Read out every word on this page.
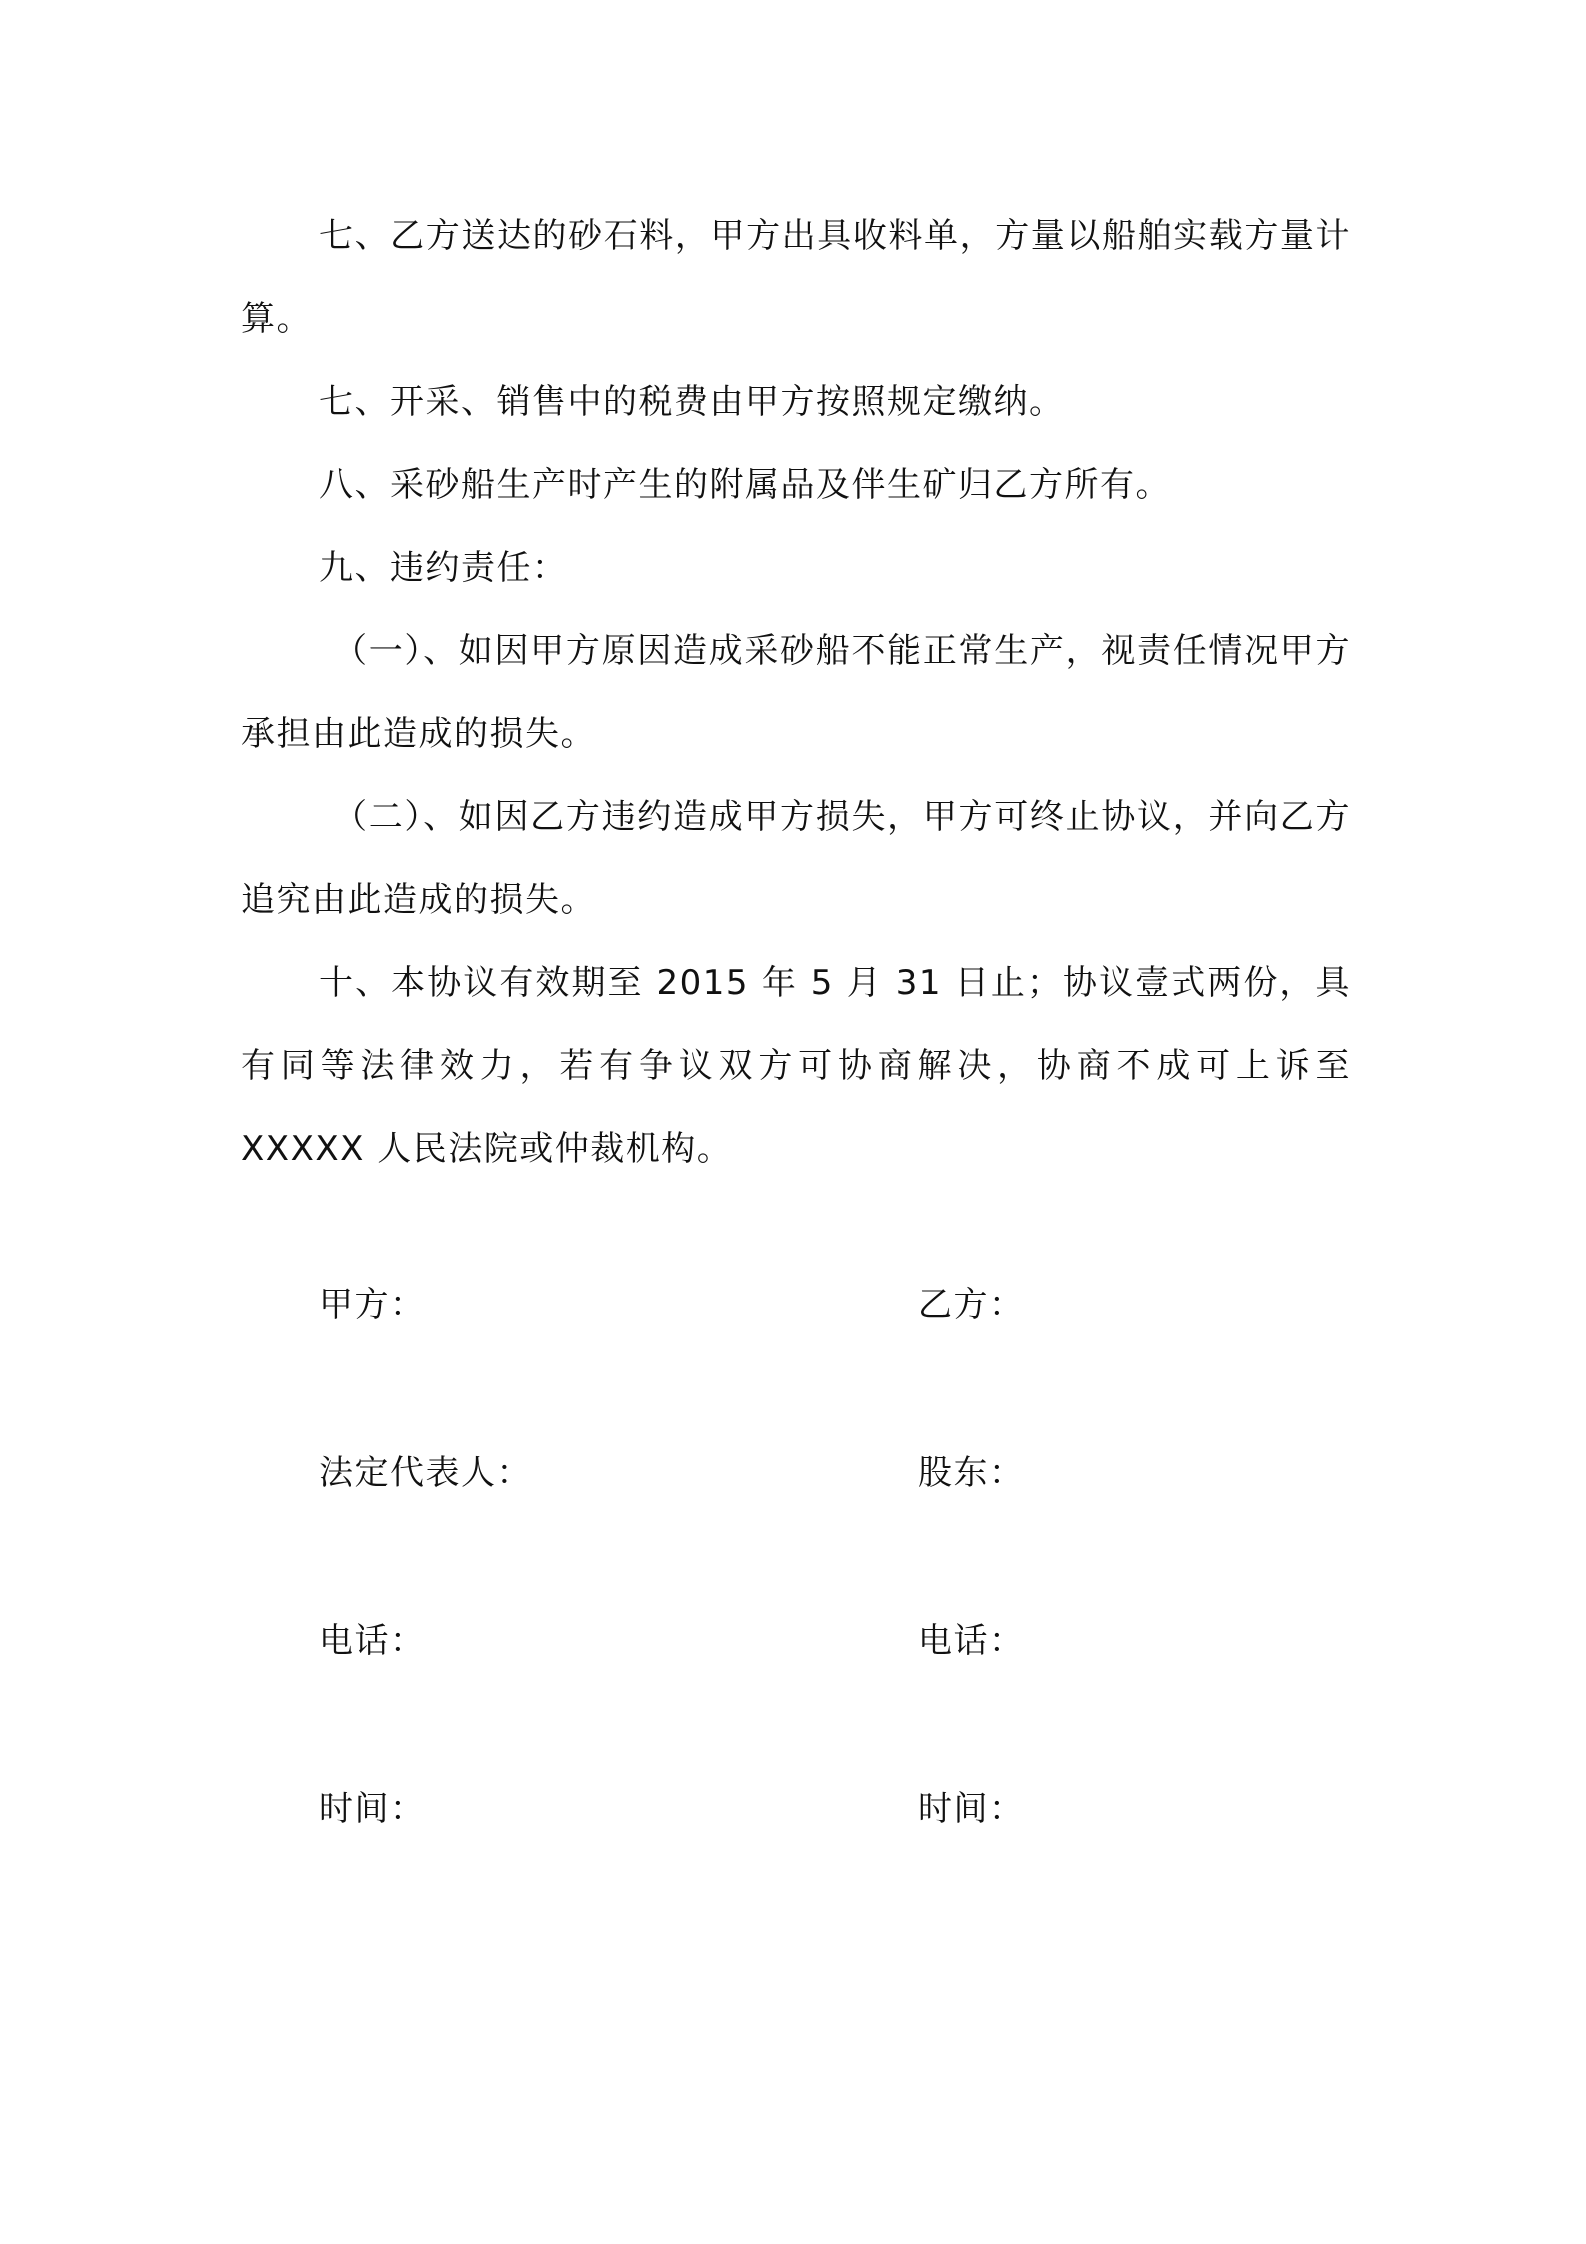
七、乙方送达的砂石料，甲方出具收料单，方量以船舶实载方量计算。

七、开采、销售中的税费由甲方按照规定缴纳。

八、采砂船生产时产生的附属品及伴生矿归乙方所有。

九、违约责任：

（一）、如因甲方原因造成采砂船不能正常生产，视责任情况甲方承担由此造成的损失。

（二）、如因乙方违约造成甲方损失，甲方可终止协议，并向乙方追究由此造成的损失。

十、本协议有效期至 2015 年 5 月 31 日止；协议壹式两份，具有同等法律效力，若有争议双方可协商解决，协商不成可上诉至 XXXXX 人民法院或仲裁机构。

甲方：	乙方：
法定代表人：	股东：
电话：	电话：
时间：	时间：
